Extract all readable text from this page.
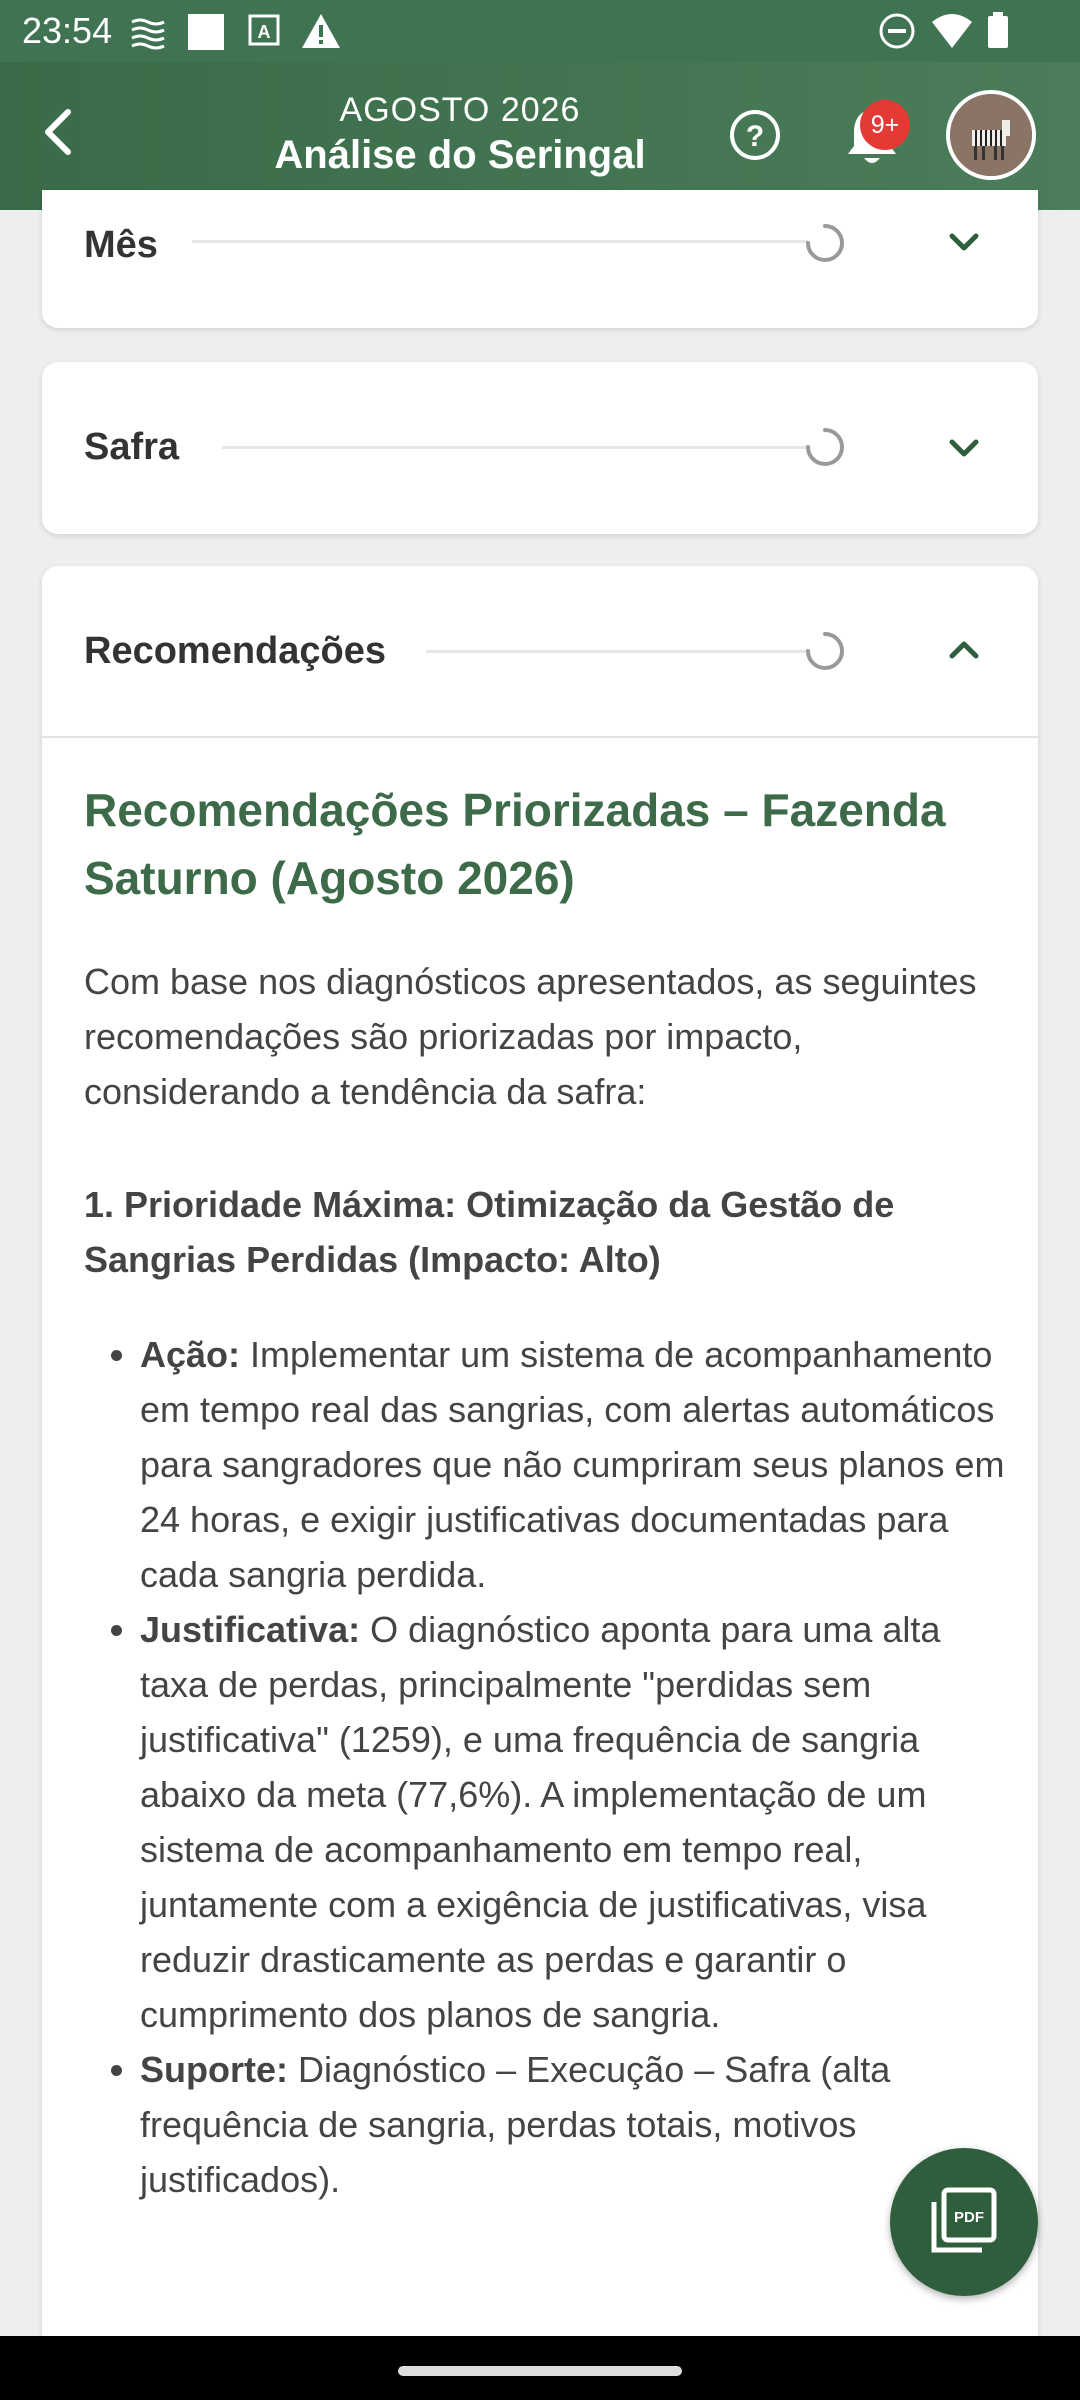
23:54	A
AGOSTO 2026
Análise do Seringal	?	9+
Mês
Safra
Recomendações
Recomendações Priorizadas – Fazenda Saturno (Agosto 2026)

Com base nos diagnósticos apresentados, as seguintes recomendações são priorizadas por impacto, considerando a tendência da safra:

1. Prioridade Máxima: Otimização da Gestão de Sangrias Perdidas (Impacto: Alto)

• Ação: Implementar um sistema de acompanhamento em tempo real das sangrias, com alertas automáticos para sangradores que não cumpriram seus planos em 24 horas, e exigir justificativas documentadas para cada sangria perdida.
• Justificativa: O diagnóstico aponta para uma alta taxa de perdas, principalmente "perdidas sem justificativa" (1259), e uma frequência de sangria abaixo da meta (77,6%). A implementação de um sistema de acompanhamento em tempo real, juntamente com a exigência de justificativas, visa reduzir drasticamente as perdas e garantir o cumprimento dos planos de sangria.
• Suporte: Diagnóstico – Execução – Safra (alta frequência de sangria, perdas totais, motivos justificados).
PDF
